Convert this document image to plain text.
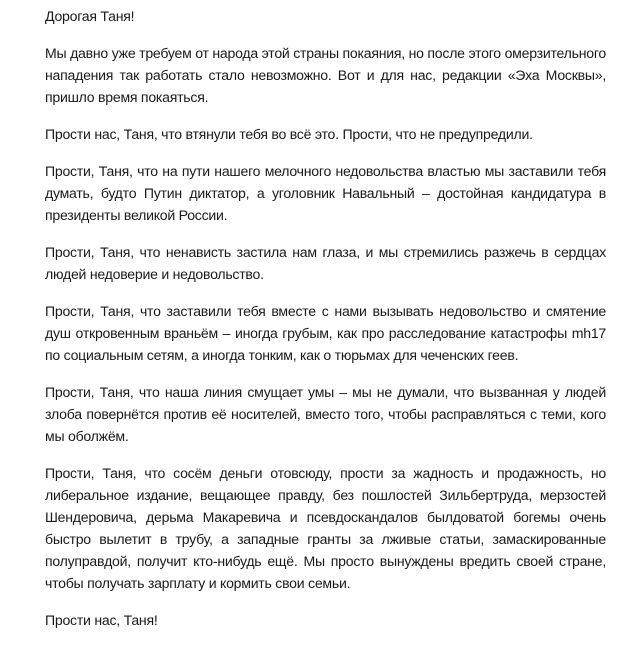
Дорогая Таня!

Мы давно уже требуем от народа этой страны покаяния, но после этого омерзительного нападения так работать стало невозможно. Вот и для нас, редакции «Эха Москвы», пришло время покаяться.

Прости нас, Таня, что втянули тебя во всё это. Прости, что не предупредили.

Прости, Таня, что на пути нашего мелочного недовольства властью мы заставили тебя думать, будто Путин диктатор, а уголовник Навальный – достойная кандидатура в президенты великой России.

Прости, Таня, что ненависть застила нам глаза, и мы стремились разжечь в сердцах людей недоверие и недовольство.

Прости, Таня, что заставили тебя вместе с нами вызывать недовольство и смятение душ откровенным враньём – иногда грубым, как про расследование катастрофы mh17 по социальным сетям, а иногда тонким, как о тюрьмах для чеченских геев.

Прости, Таня, что наша линия смущает умы – мы не думали, что вызванная у людей злоба повернётся против её носителей, вместо того, чтобы расправляться с теми, кого мы оболжём.

Прости, Таня, что сосём деньги отовсюду, прости за жадность и продажность, но либеральное издание, вещающее правду, без пошлостей Зильбертруда, мерзостей Шендеровича, дерьма Макаревича и псевдоскандалов былдоватой богемы очень быстро вылетит в трубу, а западные гранты за лживые статьи, замаскированные полуправдой, получит кто-нибудь ещё. Мы просто вынуждены вредить своей стране, чтобы получать зарплату и кормить свои семьи.

Прости нас, Таня!
